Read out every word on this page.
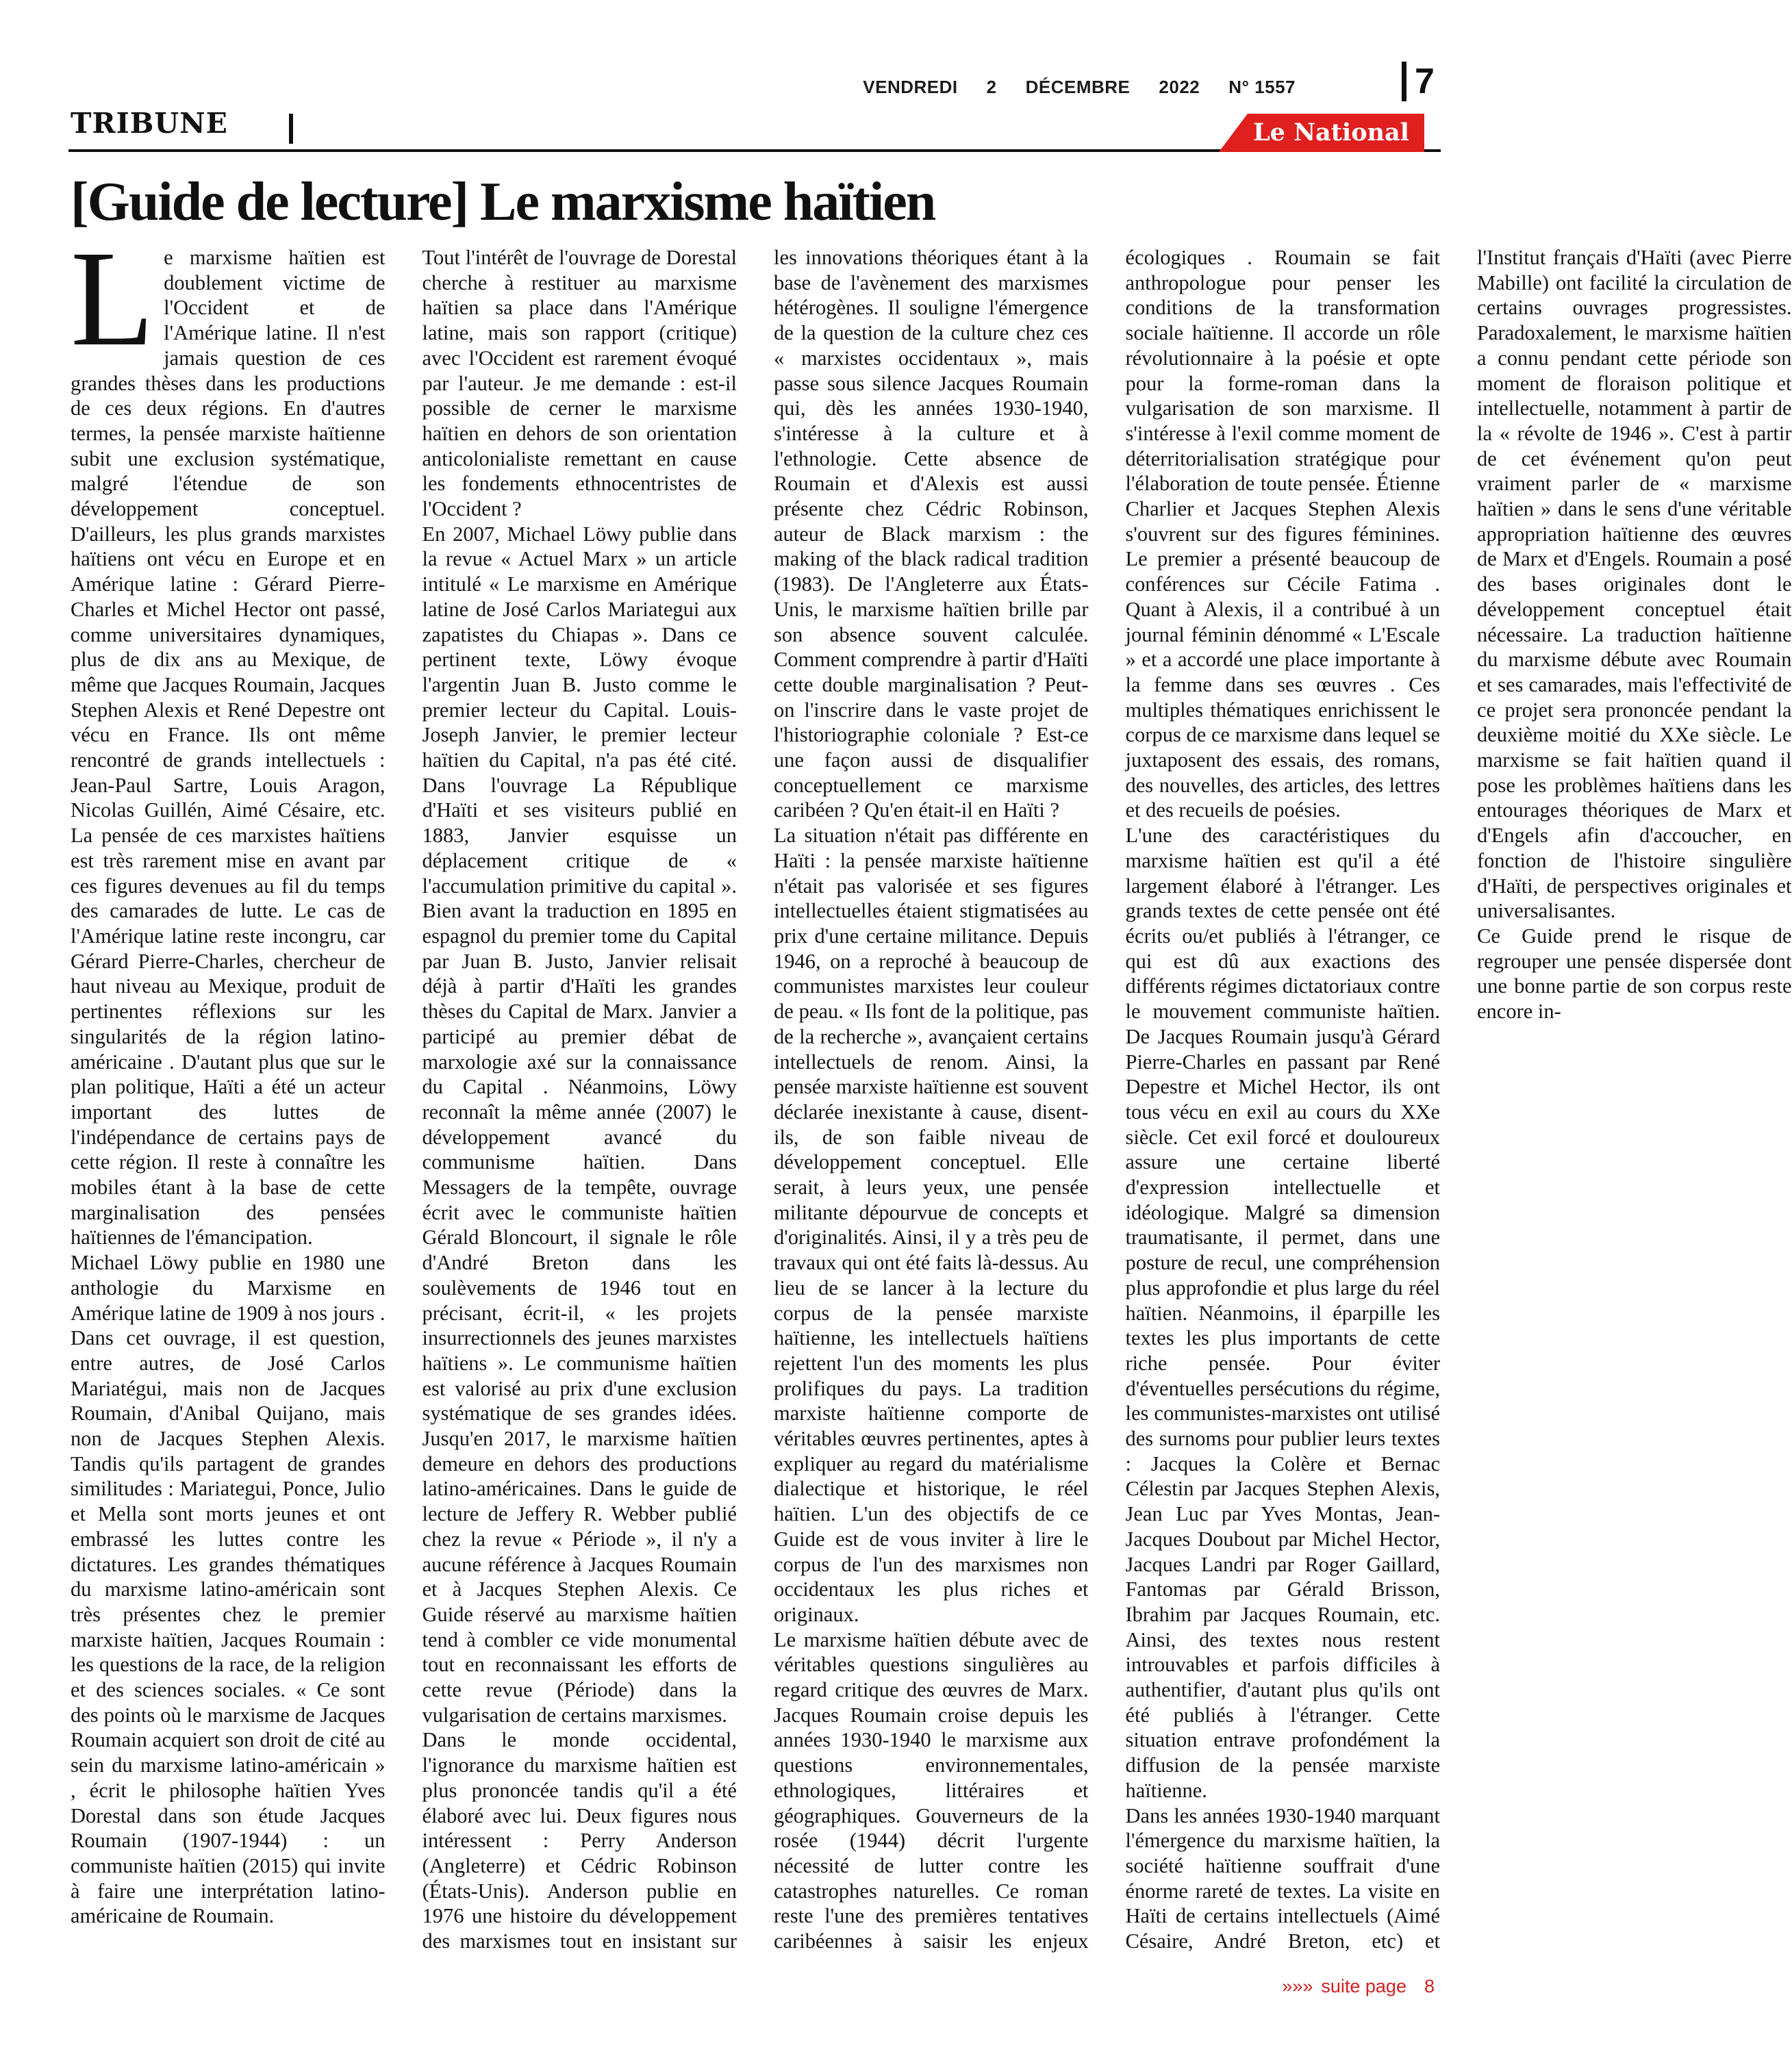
VENDREDI 2 DÉCEMBRE 2022 N° 1557	7
TRIBUNE	Le National
[Guide de lecture] Le marxisme haïtien

Le marxisme haïtien est doublement victime de l'Occident et de l'Amérique latine. Il n'est jamais question de ces grandes thèses dans les productions de ces deux régions. En d'autres termes, la pensée marxiste haïtienne subit une exclusion systématique, malgré l'étendue de son développement conceptuel. D'ailleurs, les plus grands marxistes haïtiens ont vécu en Europe et en Amérique latine : Gérard Pierre-Charles et Michel Hector ont passé, comme universitaires dynamiques, plus de dix ans au Mexique, de même que Jacques Roumain, Jacques Stephen Alexis et René Depestre ont vécu en France. Ils ont même rencontré de grands intellectuels : Jean-Paul Sartre, Louis Aragon, Nicolas Guillén, Aimé Césaire, etc. La pensée de ces marxistes haïtiens est très rarement mise en avant par ces figures devenues au fil du temps des camarades de lutte. Le cas de l'Amérique latine reste incongru, car Gérard Pierre-Charles, chercheur de haut niveau au Mexique, produit de pertinentes réflexions sur les singularités de la région latino-américaine . D'autant plus que sur le plan politique, Haïti a été un acteur important des luttes de l'indépendance de certains pays de cette région. Il reste à connaître les mobiles étant à la base de cette marginalisation des pensées haïtiennes de l'émancipation.

Michael Löwy publie en 1980 une anthologie du Marxisme en Amérique latine de 1909 à nos jours . Dans cet ouvrage, il est question, entre autres, de José Carlos Mariatégui, mais non de Jacques Roumain, d'Anibal Quijano, mais non de Jacques Stephen Alexis. Tandis qu'ils partagent de grandes similitudes : Mariategui, Ponce, Julio et Mella sont morts jeunes et ont embrassé les luttes contre les dictatures. Les grandes thématiques du marxisme latino-américain sont très présentes chez le premier marxiste haïtien, Jacques Roumain : les questions de la race, de la religion et des sciences sociales. « Ce sont des points où le marxisme de Jacques Roumain acquiert son droit de cité au sein du marxisme latino-américain » , écrit le philosophe haïtien Yves Dorestal dans son étude Jacques Roumain (1907-1944) : un communiste haïtien (2015) qui invite à faire une interprétation latino-américaine de Roumain.

Tout l'intérêt de l'ouvrage de Dorestal cherche à restituer au marxisme haïtien sa place dans l'Amérique latine, mais son rapport (critique) avec l'Occident est rarement évoqué par l'auteur. Je me demande : est-il possible de cerner le marxisme haïtien en dehors de son orientation anticolonialiste remettant en cause les fondements ethnocentristes de l'Occident ?

En 2007, Michael Löwy publie dans la revue « Actuel Marx » un article intitulé « Le marxisme en Amérique latine de José Carlos Mariategui aux zapatistes du Chiapas ». Dans ce pertinent texte, Löwy évoque l'argentin Juan B. Justo comme le premier lecteur du Capital. Louis-Joseph Janvier, le premier lecteur haïtien du Capital, n'a pas été cité. Dans l'ouvrage La République d'Haïti et ses visiteurs publié en 1883, Janvier esquisse un déplacement critique de « l'accumulation primitive du capital ». Bien avant la traduction en 1895 en espagnol du premier tome du Capital par Juan B. Justo, Janvier relisait déjà à partir d'Haïti les grandes thèses du Capital de Marx. Janvier a participé au premier débat de marxologie axé sur la connaissance du Capital . Néanmoins, Löwy reconnaît la même année (2007) le développement avancé du communisme haïtien. Dans Messagers de la tempête, ouvrage écrit avec le communiste haïtien Gérald Bloncourt, il signale le rôle d'André Breton dans les soulèvements de 1946 tout en précisant, écrit-il, « les projets insurrectionnels des jeunes marxistes haïtiens ». Le communisme haïtien est valorisé au prix d'une exclusion systématique de ses grandes idées. Jusqu'en 2017, le marxisme haïtien demeure en dehors des productions latino-américaines. Dans le guide de lecture de Jeffery R. Webber publié chez la revue « Période », il n'y a aucune référence à Jacques Roumain et à Jacques Stephen Alexis. Ce Guide réservé au marxisme haïtien tend à combler ce vide monumental tout en reconnaissant les efforts de cette revue (Période) dans la vulgarisation de certains marxismes.

Dans le monde occidental, l'ignorance du marxisme haïtien est plus prononcée tandis qu'il a été élaboré avec lui. Deux figures nous intéressent : Perry Anderson (Angleterre) et Cédric Robinson (États-Unis). Anderson publie en 1976 une histoire du développement des marxismes tout en insistant sur les innovations théoriques étant à la base de l'avènement des marxismes hétérogènes. Il souligne l'émergence de la question de la culture chez ces « marxistes occidentaux », mais passe sous silence Jacques Roumain qui, dès les années 1930-1940, s'intéresse à la culture et à l'ethnologie. Cette absence de Roumain et d'Alexis est aussi présente chez Cédric Robinson, auteur de Black marxism : the making of the black radical tradition (1983). De l'Angleterre aux États-Unis, le marxisme haïtien brille par son absence souvent calculée. Comment comprendre à partir d'Haïti cette double marginalisation ? Peut-on l'inscrire dans le vaste projet de l'historiographie coloniale ? Est-ce une façon aussi de disqualifier conceptuellement ce marxisme caribéen ? Qu'en était-il en Haïti ?

La situation n'était pas différente en Haïti : la pensée marxiste haïtienne n'était pas valorisée et ses figures intellectuelles étaient stigmatisées au prix d'une certaine militance. Depuis 1946, on a reproché à beaucoup de communistes marxistes leur couleur de peau. « Ils font de la politique, pas de la recherche », avançaient certains intellectuels de renom. Ainsi, la pensée marxiste haïtienne est souvent déclarée inexistante à cause, disent-ils, de son faible niveau de développement conceptuel. Elle serait, à leurs yeux, une pensée militante dépourvue de concepts et d'originalités. Ainsi, il y a très peu de travaux qui ont été faits là-dessus. Au lieu de se lancer à la lecture du corpus de la pensée marxiste haïtienne, les intellectuels haïtiens rejettent l'un des moments les plus prolifiques du pays. La tradition marxiste haïtienne comporte de véritables œuvres pertinentes, aptes à expliquer au regard du matérialisme dialectique et historique, le réel haïtien. L'un des objectifs de ce Guide est de vous inviter à lire le corpus de l'un des marxismes non occidentaux les plus riches et originaux.

Le marxisme haïtien débute avec de véritables questions singulières au regard critique des œuvres de Marx. Jacques Roumain croise depuis les années 1930-1940 le marxisme aux questions environnementales, ethnologiques, littéraires et géographiques. Gouverneurs de la rosée (1944) décrit l'urgente nécessité de lutter contre les catastrophes naturelles. Ce roman reste l'une des premières tentatives caribéennes à saisir les enjeux écologiques . Roumain se fait anthropologue pour penser les conditions de la transformation sociale haïtienne. Il accorde un rôle révolutionnaire à la poésie et opte pour la forme-roman dans la vulgarisation de son marxisme. Il s'intéresse à l'exil comme moment de déterritorialisation stratégique pour l'élaboration de toute pensée. Étienne Charlier et Jacques Stephen Alexis s'ouvrent sur des figures féminines. Le premier a présenté beaucoup de conférences sur Cécile Fatima . Quant à Alexis, il a contribué à un journal féminin dénommé « L'Escale » et a accordé une place importante à la femme dans ses œuvres . Ces multiples thématiques enrichissent le corpus de ce marxisme dans lequel se juxtaposent des essais, des romans, des nouvelles, des articles, des lettres et des recueils de poésies.

L'une des caractéristiques du marxisme haïtien est qu'il a été largement élaboré à l'étranger. Les grands textes de cette pensée ont été écrits ou/et publiés à l'étranger, ce qui est dû aux exactions des différents régimes dictatoriaux contre le mouvement communiste haïtien. De Jacques Roumain jusqu'à Gérard Pierre-Charles en passant par René Depestre et Michel Hector, ils ont tous vécu en exil au cours du XXe siècle. Cet exil forcé et douloureux assure une certaine liberté d'expression intellectuelle et idéologique. Malgré sa dimension traumatisante, il permet, dans une posture de recul, une compréhension plus approfondie et plus large du réel haïtien. Néanmoins, il éparpille les textes les plus importants de cette riche pensée. Pour éviter d'éventuelles persécutions du régime, les communistes-marxistes ont utilisé des surnoms pour publier leurs textes : Jacques la Colère et Bernac Célestin par Jacques Stephen Alexis, Jean Luc par Yves Montas, Jean-Jacques Doubout par Michel Hector, Jacques Landri par Roger Gaillard, Fantomas par Gérald Brisson, Ibrahim par Jacques Roumain, etc. Ainsi, des textes nous restent introuvables et parfois difficiles à authentifier, d'autant plus qu'ils ont été publiés à l'étranger. Cette situation entrave profondément la diffusion de la pensée marxiste haïtienne.

Dans les années 1930-1940 marquant l'émergence du marxisme haïtien, la société haïtienne souffrait d'une énorme rareté de textes. La visite en Haïti de certains intellectuels (Aimé Césaire, André Breton, etc) et l'Institut français d'Haïti (avec Pierre Mabille) ont facilité la circulation de certains ouvrages progressistes. Paradoxalement, le marxisme haïtien a connu pendant cette période son moment de floraison politique et intellectuelle, notamment à partir de la « révolte de 1946 ». C'est à partir de cet événement qu'on peut vraiment parler de « marxisme haïtien » dans le sens d'une véritable appropriation haïtienne des œuvres de Marx et d'Engels. Roumain a posé des bases originales dont le développement conceptuel était nécessaire. La traduction haïtienne du marxisme débute avec Roumain et ses camarades, mais l'effectivité de ce projet sera prononcée pendant la deuxième moitié du XXe siècle. Le marxisme se fait haïtien quand il pose les problèmes haïtiens dans les entourages théoriques de Marx et d'Engels afin d'accoucher, en fonction de l'histoire singulière d'Haïti, de perspectives originales et universalisantes.

Ce Guide prend le risque de regrouper une pensée dispersée dont une bonne partie de son corpus reste encore in-

»»» suite page 8
